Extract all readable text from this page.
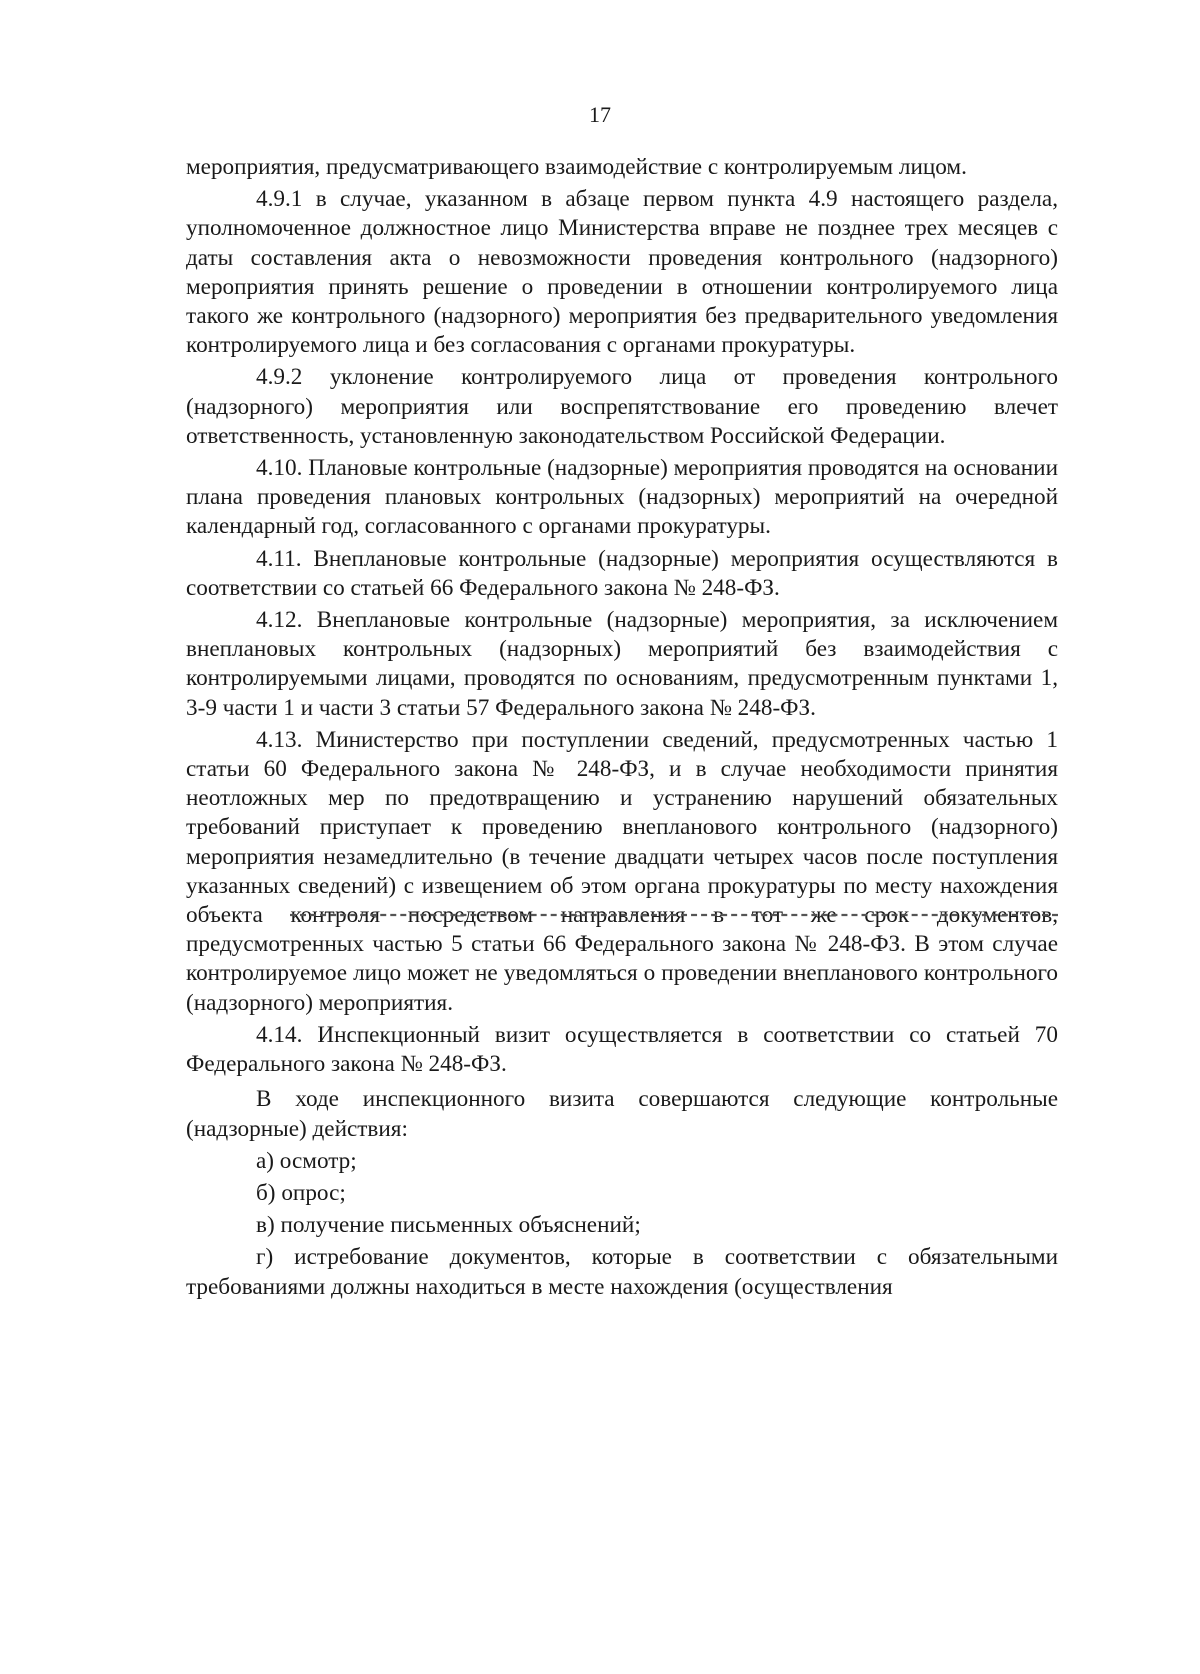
17

мероприятия, предусматривающего взаимодействие с контролируемым лицом.

4.9.1 в случае, указанном в абзаце первом пункта 4.9 настоящего раздела, уполномоченное должностное лицо Министерства вправе не позднее трех месяцев с даты составления акта о невозможности проведения контрольного (надзорного) мероприятия принять решение о проведении в отношении контролируемого лица такого же контрольного (надзорного) мероприятия без предварительного уведомления контролируемого лица и без согласования с органами прокуратуры.

4.9.2 уклонение контролируемого лица от проведения контрольного (надзорного) мероприятия или воспрепятствование его проведению влечет ответственность, установленную законодательством Российской Федерации.

4.10. Плановые контрольные (надзорные) мероприятия проводятся на основании плана проведения плановых контрольных (надзорных) мероприятий на очередной календарный год, согласованного с органами прокуратуры.

4.11. Внеплановые контрольные (надзорные) мероприятия осуществляются в соответствии со статьей 66 Федерального закона № 248-ФЗ.

4.12. Внеплановые контрольные (надзорные) мероприятия, за исключением внеплановых контрольных (надзорных) мероприятий без взаимодействия с контролируемыми лицами, проводятся по основаниям, предусмотренным пунктами 1, 3-9 части 1 и части 3 статьи 57 Федерального закона № 248-ФЗ.

4.13. Министерство при поступлении сведений, предусмотренных частью 1 статьи 60 Федерального закона № 248-ФЗ, и в случае необходимости принятия неотложных мер по предотвращению и устранению нарушений обязательных требований приступает к проведению внепланового контрольного (надзорного) мероприятия незамедлительно (в течение двадцати четырех часов после поступления указанных сведений) с извещением об этом органа прокуратуры по месту нахождения объекта контроля посредством направления в тот же срок документов, предусмотренных частью 5 статьи 66 Федерального закона № 248-ФЗ. В этом случае контролируемое лицо может не уведомляться о проведении внепланового контрольного (надзорного) мероприятия.

4.14. Инспекционный визит осуществляется в соответствии со статьей 70 Федерального закона № 248-ФЗ.

В ходе инспекционного визита совершаются следующие контрольные (надзорные) действия:

а) осмотр;

б) опрос;

в) получение письменных объяснений;

г) истребование документов, которые в соответствии с обязательными требованиями должны находиться в месте нахождения (осуществления
